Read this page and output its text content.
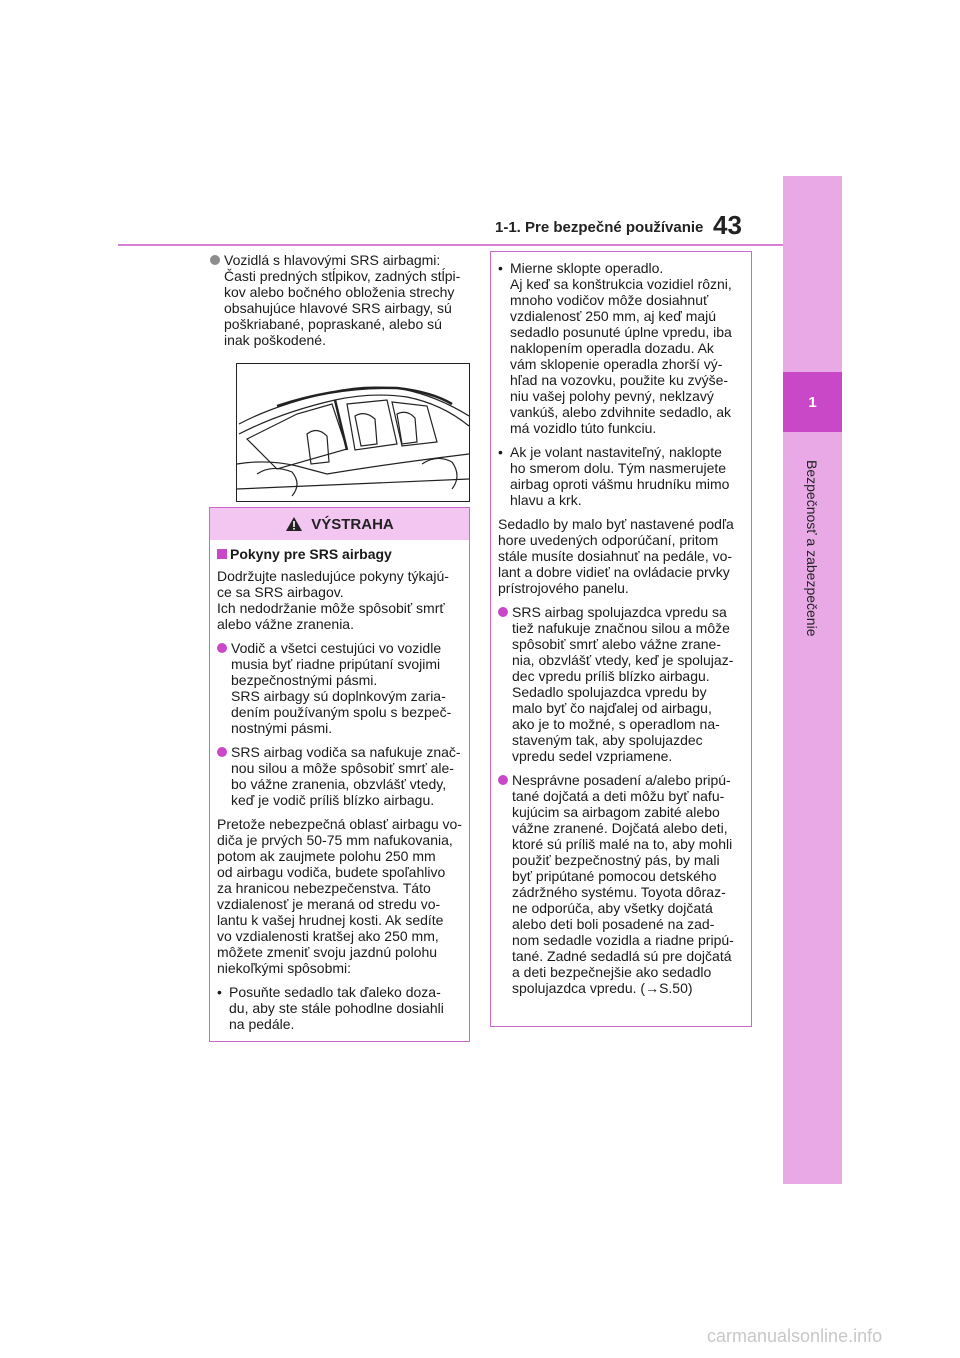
1
Bezpečnosť a zabezpečenie
1-1. Pre bezpečné používanie 43
Vozidlá s hlavovými SRS airbagmi:
Časti predných stĺpikov, zadných stĺpi-
kov alebo bočného obloženia strechy
obsahujúce hlavové SRS airbagy, sú
poškriabané, popraskané, alebo sú
inak poškodené.
VÝSTRAHA
Pokyny pre SRS airbagy
Dodržujte nasledujúce pokyny týkajú-
ce sa SRS airbagov.
Ich nedodržanie môže spôsobiť smrť
alebo vážne zranenia.
Vodič a všetci cestujúci vo vozidle
musia byť riadne pripútaní svojimi
bezpečnostnými pásmi.
SRS airbagy sú doplnkovým zaria-
dením používaným spolu s bezpeč-
nostnými pásmi.
SRS airbag vodiča sa nafukuje znač-
nou silou a môže spôsobiť smrť ale-
bo vážne zranenia, obzvlášť vtedy,
keď je vodič príliš blízko airbagu.
Pretože nebezpečná oblasť airbagu vo-
diča je prvých 50-75 mm nafukovania,
potom ak zaujmete polohu 250 mm
od airbagu vodiča, budete spoľahlivo
za hranicou nebezpečenstva. Táto
vzdialenosť je meraná od stredu vo-
lantu k vašej hrudnej kosti. Ak sedíte
vo vzdialenosti kratšej ako 250 mm,
môžete zmeniť svoju jazdnú polohu
niekoľkými spôsobmi:
• Posuňte sedadlo tak ďaleko doza-
du, aby ste stále pohodlne dosiahli
na pedále.
• Mierne sklopte operadlo.
Aj keď sa konštrukcia vozidiel rôzni,
mnoho vodičov môže dosiahnuť
vzdialenosť 250 mm, aj keď majú
sedadlo posunuté úplne vpredu, iba
naklopením operadla dozadu. Ak
vám sklopenie operadla zhorší vý-
hľad na vozovku, použite ku zvýše-
niu vašej polohy pevný, neklzavý
vankúš, alebo zdvihnite sedadlo, ak
má vozidlo túto funkciu.
• Ak je volant nastaviteľný, naklopte
ho smerom dolu. Tým nasmerujete
airbag oproti vášmu hrudníku mimo
hlavu a krk.
Sedadlo by malo byť nastavené podľa
hore uvedených odporúčaní, pritom
stále musíte dosiahnuť na pedále, vo-
lant a dobre vidieť na ovládacie prvky
prístrojového panelu.
SRS airbag spolujazdca vpredu sa
tiež nafukuje značnou silou a môže
spôsobiť smrť alebo vážne zrane-
nia, obzvlášť vtedy, keď je spolujaz-
dec vpredu príliš blízko airbagu.
Sedadlo spolujazdca vpredu by
malo byť čo najďalej od airbagu,
ako je to možné, s operadlom na-
staveným tak, aby spolujazdec
vpredu sedel vzpriamene.
Nesprávne posadení a/alebo pripú-
tané dojčatá a deti môžu byť nafu-
kujúcim sa airbagom zabité alebo
vážne zranené. Dojčatá alebo deti,
ktoré sú príliš malé na to, aby mohli
použiť bezpečnostný pás, by mali
byť pripútané pomocou detského
zádržného systému. Toyota dôraz-
ne odporúča, aby všetky dojčatá
alebo deti boli posadené na zad-
nom sedadle vozidla a riadne pripú-
tané. Zadné sedadlá sú pre dojčatá
a deti bezpečnejšie ako sedadlo
spolujazdca vpredu. (→S.50)
carmanualsonline.info
